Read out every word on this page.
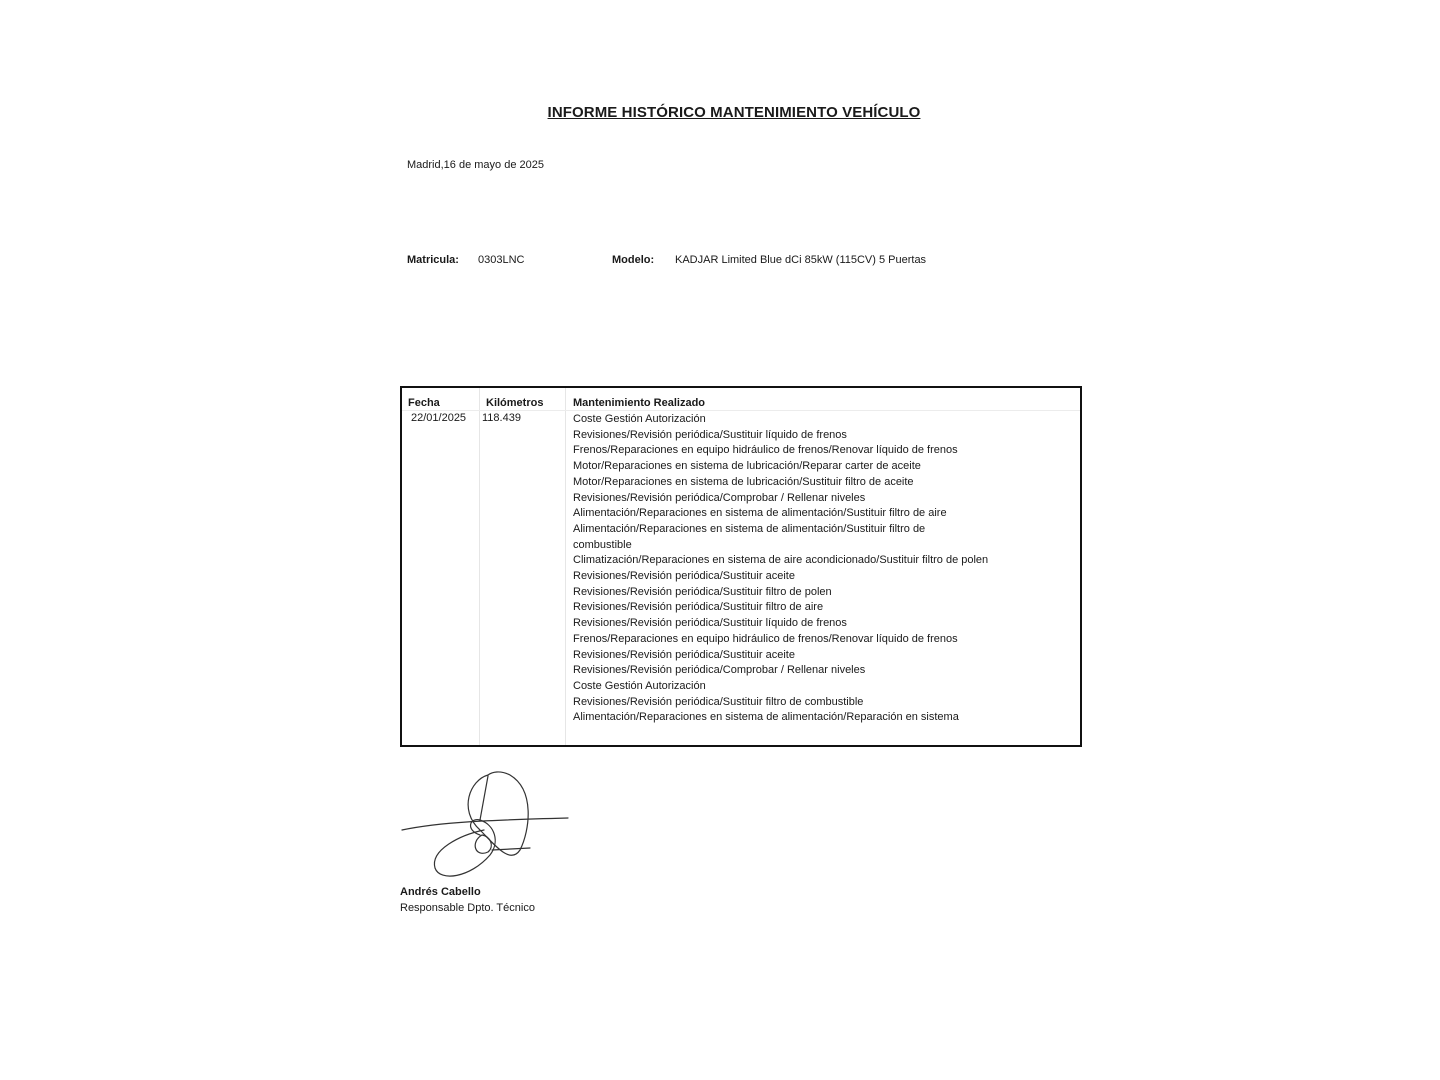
INFORME HISTÓRICO MANTENIMIENTO VEHÍCULO
Madrid,16 de mayo de 2025
Matricula: 0303LNC	Modelo: KADJAR Limited Blue dCi 85kW (115CV) 5 Puertas
Fecha	Kilómetros	Mantenimiento Realizado
22/01/2025 118.439	Coste Gestión Autorización
Revisiones/Revisión periódica/Sustituir líquido de frenos
Frenos/Reparaciones en equipo hidráulico de frenos/Renovar líquido de frenos
Motor/Reparaciones en sistema de lubricación/Reparar carter de aceite
Motor/Reparaciones en sistema de lubricación/Sustituir filtro de aceite
Revisiones/Revisión periódica/Comprobar / Rellenar niveles
Alimentación/Reparaciones en sistema de alimentación/Sustituir filtro de aire
Alimentación/Reparaciones en sistema de alimentación/Sustituir filtro de combustible
Climatización/Reparaciones en sistema de aire acondicionado/Sustituir filtro de polen
Revisiones/Revisión periódica/Sustituir aceite
Revisiones/Revisión periódica/Sustituir filtro de polen
Revisiones/Revisión periódica/Sustituir filtro de aire
Revisiones/Revisión periódica/Sustituir líquido de frenos
Frenos/Reparaciones en equipo hidráulico de frenos/Renovar líquido de frenos
Revisiones/Revisión periódica/Sustituir aceite
Revisiones/Revisión periódica/Comprobar / Rellenar niveles
Coste Gestión Autorización
Revisiones/Revisión periódica/Sustituir filtro de combustible
Alimentación/Reparaciones en sistema de alimentación/Reparación en sistema
Andrés Cabello
Responsable Dpto. Técnico
